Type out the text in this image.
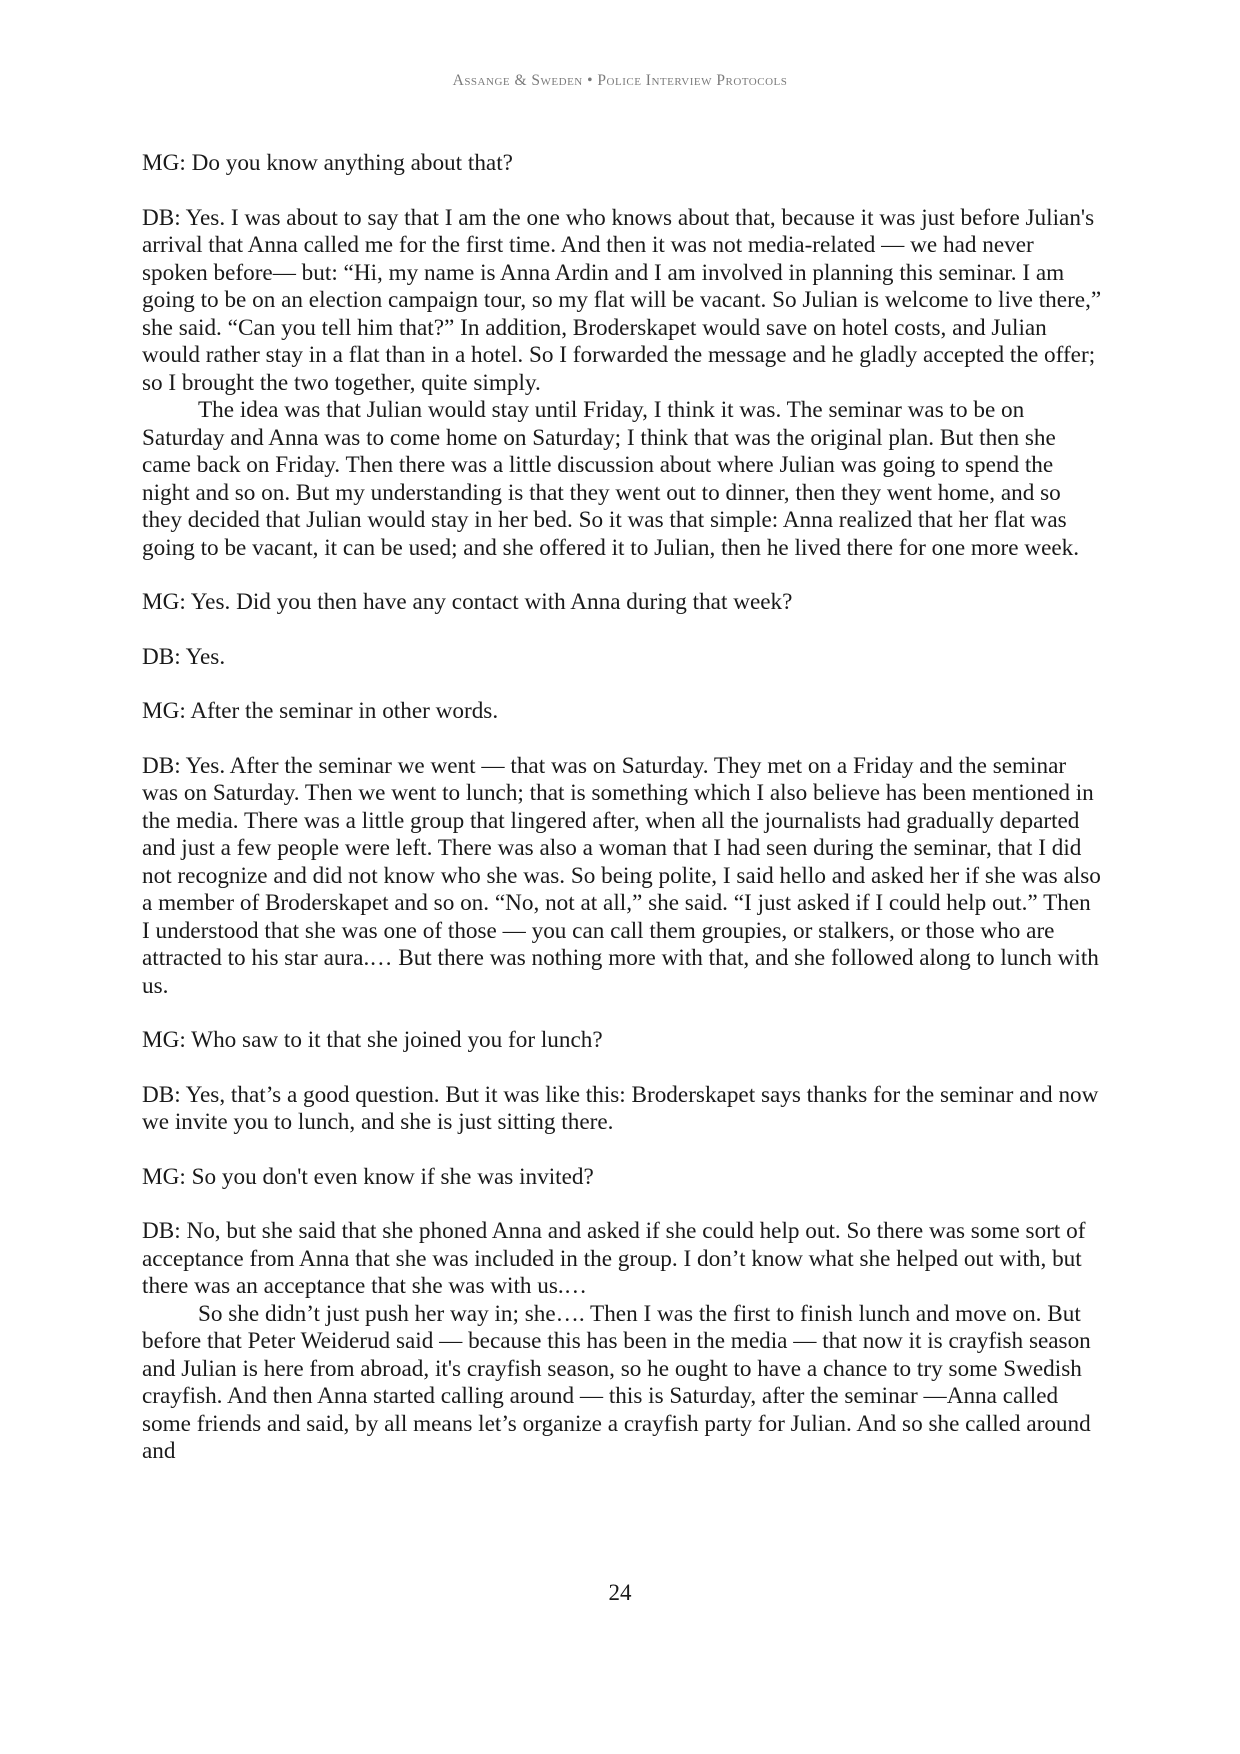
Assange & Sweden • Police Interview Protocols

MG: Do you know anything about that?

DB: Yes. I was about to say that I am the one who knows about that, because it was just before Julian's arrival that Anna called me for the first time. And then it was not media-related — we had never spoken before— but: “Hi, my name is Anna Ardin and I am involved in planning this seminar. I am going to be on an election campaign tour, so my flat will be vacant. So Julian is welcome to live there,” she said. “Can you tell him that?” In addition, Broderskapet would save on hotel costs, and Julian would rather stay in a flat than in a hotel. So I forwarded the message and he gladly accepted the offer; so I brought the two together, quite simply.

The idea was that Julian would stay until Friday, I think it was. The seminar was to be on Saturday and Anna was to come home on Saturday; I think that was the original plan. But then she came back on Friday. Then there was a little discussion about where Julian was going to spend the night and so on. But my understanding is that they went out to dinner, then they went home, and so they decided that Julian would stay in her bed. So it was that simple: Anna realized that her flat was going to be vacant, it can be used; and she offered it to Julian, then he lived there for one more week.

MG: Yes. Did you then have any contact with Anna during that week?

DB: Yes.

MG: After the seminar in other words.

DB: Yes. After the seminar we went — that was on Saturday. They met on a Friday and the seminar was on Saturday. Then we went to lunch; that is something which I also believe has been mentioned in the media. There was a little group that lingered after, when all the journalists had gradually departed and just a few people were left. There was also a woman that I had seen during the seminar, that I did not recognize and did not know who she was. So being polite, I said hello and asked her if she was also a member of Broderskapet and so on. “No, not at all,” she said. “I just asked if I could help out.” Then I understood that she was one of those — you can call them groupies, or stalkers, or those who are attracted to his star aura.… But there was nothing more with that, and she followed along to lunch with us.

MG: Who saw to it that she joined you for lunch?

DB: Yes, that’s a good question. But it was like this: Broderskapet says thanks for the seminar and now we invite you to lunch, and she is just sitting there.

MG: So you don't even know if she was invited?

DB: No, but she said that she phoned Anna and asked if she could help out. So there was some sort of acceptance from Anna that she was included in the group. I don’t know what she helped out with, but there was an acceptance that she was with us.…

So she didn’t just push her way in; she…. Then I was the first to finish lunch and move on. But before that Peter Weiderud said — because this has been in the media — that now it is crayfish season and Julian is here from abroad, it's crayfish season, so he ought to have a chance to try some Swedish crayfish. And then Anna started calling around — this is Saturday, after the seminar —Anna called some friends and said, by all means let’s organize a crayfish party for Julian. And so she called around and

24
